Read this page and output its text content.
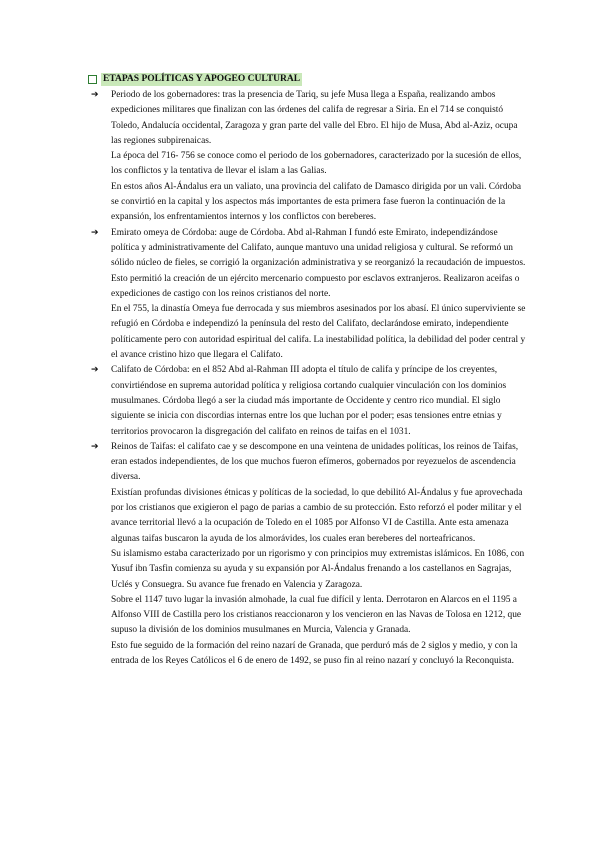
ETAPAS POLÍTICAS Y APOGEO CULTURAL
➔ Periodo de los gobernadores: tras la presencia de Tariq, su jefe Musa llega a España, realizando ambos expediciones militares que finalizan con las órdenes del califa de regresar a Siria. En el 714 se conquistó Toledo, Andalucía occidental, Zaragoza y gran parte del valle del Ebro. El hijo de Musa, Abd al-Aziz, ocupa las regiones subpirenaicas.

La época del 716- 756 se conoce como el periodo de los gobernadores, caracterizado por la sucesión de ellos, los conflictos y la tentativa de llevar el islam a las Galias.

En estos años Al-Ándalus era un valiato, una provincia del califato de Damasco dirigida por un vali. Córdoba se convirtió en la capital y los aspectos más importantes de esta primera fase fueron la continuación de la expansión, los enfrentamientos internos y los conflictos con bereberes.

➔ Emirato omeya de Córdoba: auge de Córdoba. Abd al-Rahman I fundó este Emirato, independizándose política y administrativamente del Califato, aunque mantuvo una unidad religiosa y cultural. Se reformó un sólido núcleo de fieles, se corrigió la organización administrativa y se reorganizó la recaudación de impuestos. Esto permitió la creación de un ejército mercenario compuesto por esclavos extranjeros. Realizaron aceifas o expediciones de castigo con los reinos cristianos del norte.

En el 755, la dinastía Omeya fue derrocada y sus miembros asesinados por los abasí. El único superviviente se refugió en Córdoba e independizó la península del resto del Califato, declarándose emirato, independiente políticamente pero con autoridad espiritual del califa. La inestabilidad política, la debilidad del poder central y el avance cristino hizo que llegara el Califato.

➔ Califato de Córdoba: en el 852 Abd al-Rahman III adopta el título de califa y príncipe de los creyentes, convirtiéndose en suprema autoridad política y religiosa cortando cualquier vinculación con los dominios musulmanes. Córdoba llegó a ser la ciudad más importante de Occidente y centro rico mundial. El siglo siguiente se inicia con discordias internas entre los que luchan por el poder; esas tensiones entre etnias y territorios provocaron la disgregación del califato en reinos de taifas en el 1031.

➔ Reinos de Taifas: el califato cae y se descompone en una veintena de unidades políticas, los reinos de Taifas, eran estados independientes, de los que muchos fueron efímeros, gobernados por reyezuelos de ascendencia diversa.

Existían profundas divisiones étnicas y políticas de la sociedad, lo que debilitó Al-Ándalus y fue aprovechada por los cristianos que exigieron el pago de parias a cambio de su protección. Esto reforzó el poder militar y el avance territorial llevó a la ocupación de Toledo en el 1085 por Alfonso VI de Castilla. Ante esta amenaza algunas taifas buscaron la ayuda de los almorávides, los cuales eran bereberes del norteafricanos.

Su islamismo estaba caracterizado por un rigorismo y con principios muy extremistas islámicos. En 1086, con Yusuf ibn Tasfin comienza su ayuda y su expansión por Al-Ándalus frenando a los castellanos en Sagrajas, Uclés y Consuegra. Su avance fue frenado en Valencia y Zaragoza.

Sobre el 1147 tuvo lugar la invasión almohade, la cual fue difícil y lenta. Derrotaron en Alarcos en el 1195 a Alfonso VIII de Castilla pero los cristianos reaccionaron y los vencieron en las Navas de Tolosa en 1212, que supuso la división de los dominios musulmanes en Murcia, Valencia y Granada.

Esto fue seguido de la formación del reino nazarí de Granada, que perduró más de 2 siglos y medio, y con la entrada de los Reyes Católicos el 6 de enero de 1492, se puso fin al reino nazarí y concluyó la Reconquista.
